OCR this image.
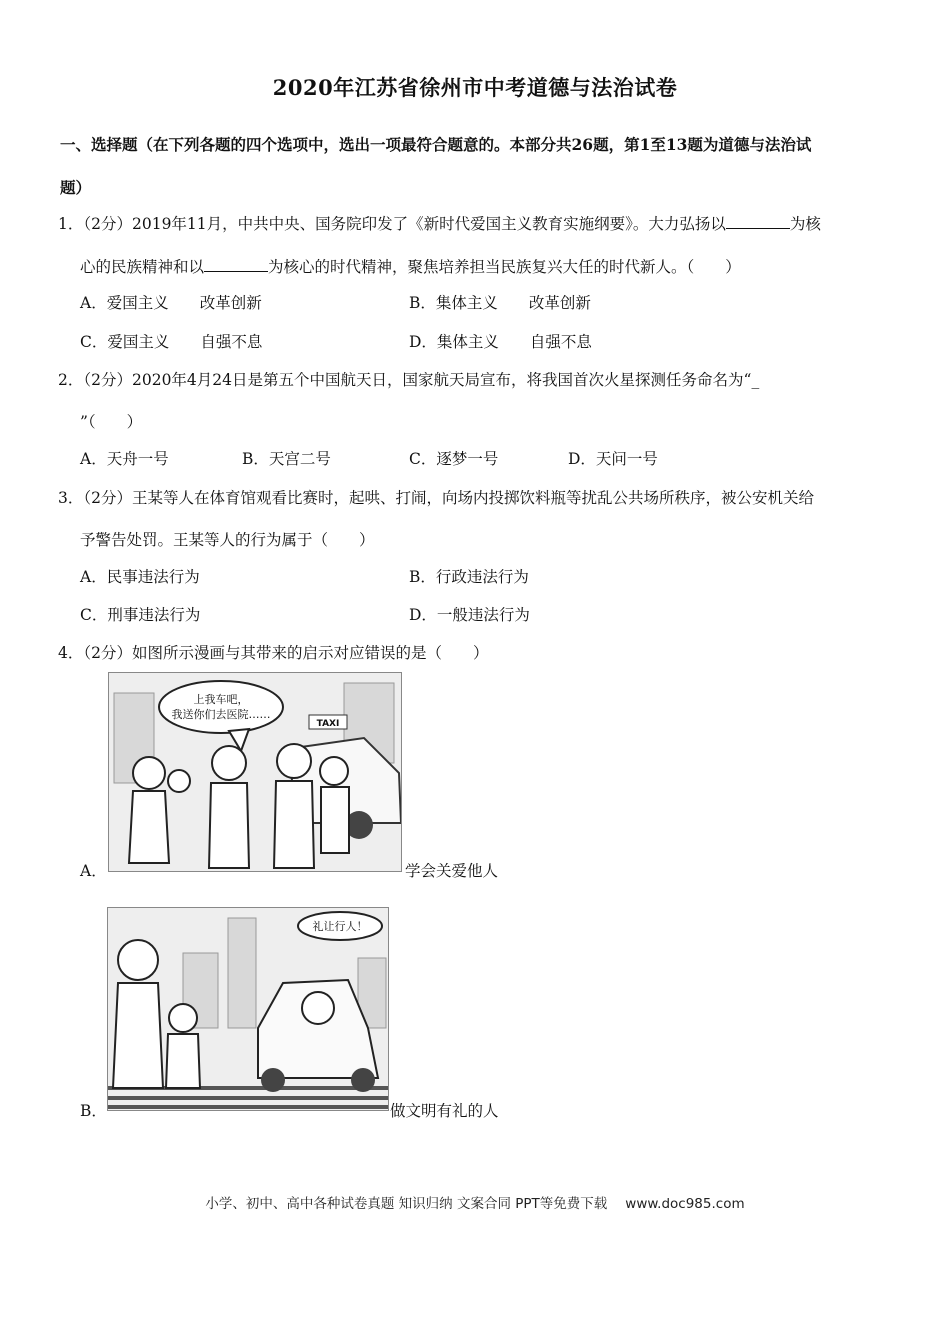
2020年江苏省徐州市中考道德与法治试卷
一、选择题（在下列各题的四个选项中，选出一项最符合题意的。本部分共26题，第1至13题为道德与法治试
题）
1．（2分）2019年11月，中共中央、国务院印发了《新时代爱国主义教育实施纲要》。大力弘扬以	为核
心的民族精神和以	为核心的时代精神，聚焦培养担当民族复兴大任的时代新人。（　　）
A．爱国主义　　改革创新	B．集体主义　　改革创新
C．爱国主义　　自强不息	D．集体主义　　自强不息
2．（2分）2020年4月24日是第五个中国航天日，国家航天局宣布，将我国首次火星探测任务命名为“_
”（　　）
A．天舟一号	B．天宫二号	C．逐梦一号	D．天问一号
3．（2分）王某等人在体育馆观看比赛时，起哄、打闹，向场内投掷饮料瓶等扰乱公共场所秩序，被公安机关给
予警告处罚。王某等人的行为属于（　　）
A．民事违法行为	B．行政违法行为
C．刑事违法行为	D．一般违法行为
4．（2分）如图所示漫画与其带来的启示对应错误的是（　　）
上我车吧，
我送你们去医院……
TAXI
A．	学会关爱他人
礼让行人！
B．	做文明有礼的人
小学、初中、高中各种试卷真题 知识归纳 文案合同 PPT等免费下载 www.doc985.com
